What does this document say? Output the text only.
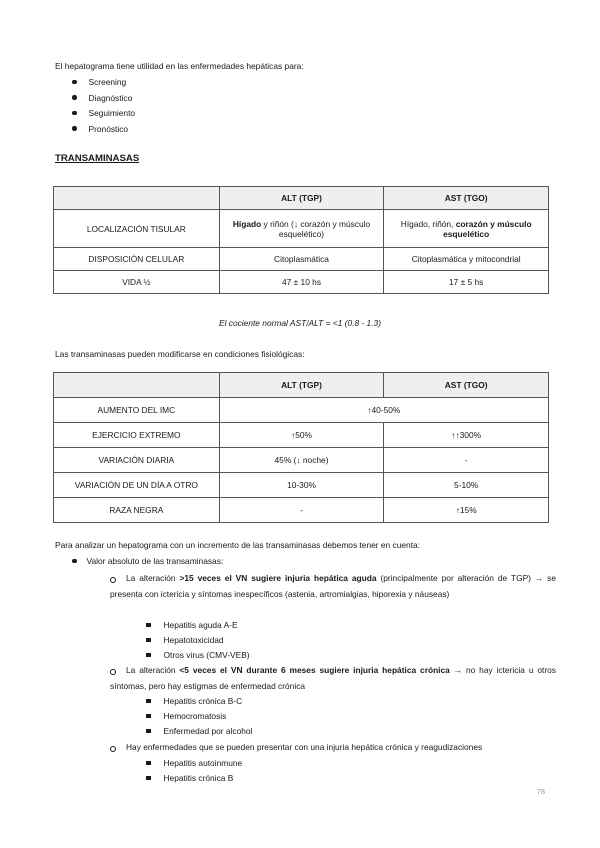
El hepatograma tiene utilidad en las enfermedades hepáticas para:
Screening
Diagnóstico
Seguimiento
Pronóstico
TRANSAMINASAS
	ALT (TGP)	AST (TGO)
LOCALIZACIÓN TISULAR	Hígado y riñón (↓ corazón y músculo esquelético)	Hígado, riñón, corazón y músculo esquelético
DISPOSICIÓN CELULAR	Citoplasmática	Citoplasmática y mitocondrial
VIDA ½	47 ± 10 hs	17 ± 5 hs
El cociente normal AST/ALT = <1 (0.8 - 1.3)
Las transaminasas pueden modificarse en condiciones fisiológicas:
	ALT (TGP)	AST (TGO)
AUMENTO DEL IMC	↑40-50%	
EJERCICIO EXTREMO	↑50%	↑↑300%
VARIACIÓN DIARIA	45% (↓ noche)	-
VARIACIÓN DE UN DÍA A OTRO	10-30%	5-10%
RAZA NEGRA	-	↑15%
Para analizar un hepatograma con un incremento de las transaminasas debemos tener en cuenta:
Valor absoluto de las transaminasas:
La alteración >15 veces el VN sugiere injuria hepática aguda (principalmente por alteración de TGP) → se presenta con ictericia y síntomas inespecíficos (astenia, artromialgias, hiporexia y náuseas)
Hepatitis aguda A-E
Hepatotoxicidad
Otros virus (CMV-VEB)
La alteración <5 veces el VN durante 6 meses sugiere injuria hepática crónica → no hay ictericia u otros síntomas, pero hay estigmas de enfermedad crónica
Hepatitis crónica B-C
Hemocromatosis
Enfermedad por alcohol
Hay enfermedades que se pueden presentar con una injuria hepática crónica y reagudizaciones
Hepatitis autoinmune
Hepatitis crónica B
78
